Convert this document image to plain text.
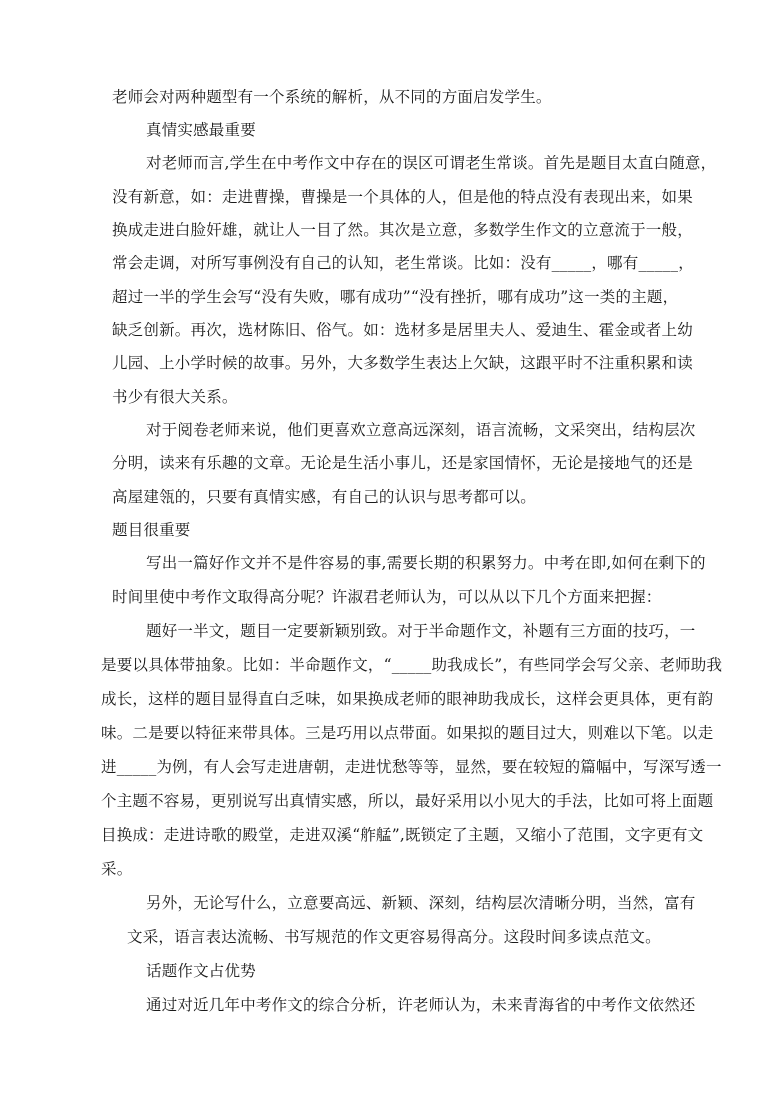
老师会对两种题型有一个系统的解析，从不同的方面启发学生。

真情实感最重要

对老师而言,学生在中考作文中存在的误区可谓老生常谈。首先是题目太直白随意，

没有新意，如：走进曹操，曹操是一个具体的人，但是他的特点没有表现出来，如果

换成走进白脸奸雄，就让人一目了然。其次是立意，多数学生作文的立意流于一般，

常会走调，对所写事例没有自己的认知，老生常谈。比如：没有_____，哪有_____，

超过一半的学生会写“没有失败，哪有成功”“没有挫折，哪有成功”这一类的主题，

缺乏创新。再次，选材陈旧、俗气。如：选材多是居里夫人、爱迪生、霍金或者上幼

儿园、上小学时候的故事。另外，大多数学生表达上欠缺，这跟平时不注重积累和读

书少有很大关系。

对于阅卷老师来说，他们更喜欢立意高远深刻，语言流畅，文采突出，结构层次

分明，读来有乐趣的文章。无论是生活小事儿，还是家国情怀，无论是接地气的还是

高屋建瓴的，只要有真情实感，有自己的认识与思考都可以。

题目很重要

写出一篇好作文并不是件容易的事,需要长期的积累努力。中考在即,如何在剩下的

时间里使中考作文取得高分呢？许淑君老师认为，可以从以下几个方面来把握：

题好一半文，题目一定要新颖别致。对于半命题作文，补题有三方面的技巧，一

是要以具体带抽象。比如：半命题作文，“_____助我成长”，有些同学会写父亲、老师助我

成长，这样的题目显得直白乏味，如果换成老师的眼神助我成长，这样会更具体，更有韵

味。二是要以特征来带具体。三是巧用以点带面。如果拟的题目过大，则难以下笔。以走

进_____为例，有人会写走进唐朝，走进忧愁等等，显然，要在较短的篇幅中，写深写透一

个主题不容易，更别说写出真情实感，所以，最好采用以小见大的手法，比如可将上面题

目换成：走进诗歌的殿堂，走进双溪“舴艋”,既锁定了主题，又缩小了范围，文字更有文

采。

另外，无论写什么，立意要高远、新颖、深刻，结构层次清晰分明，当然，富有

文采，语言表达流畅、书写规范的作文更容易得高分。这段时间多读点范文。

话题作文占优势

通过对近几年中考作文的综合分析，许老师认为，未来青海省的中考作文依然还
